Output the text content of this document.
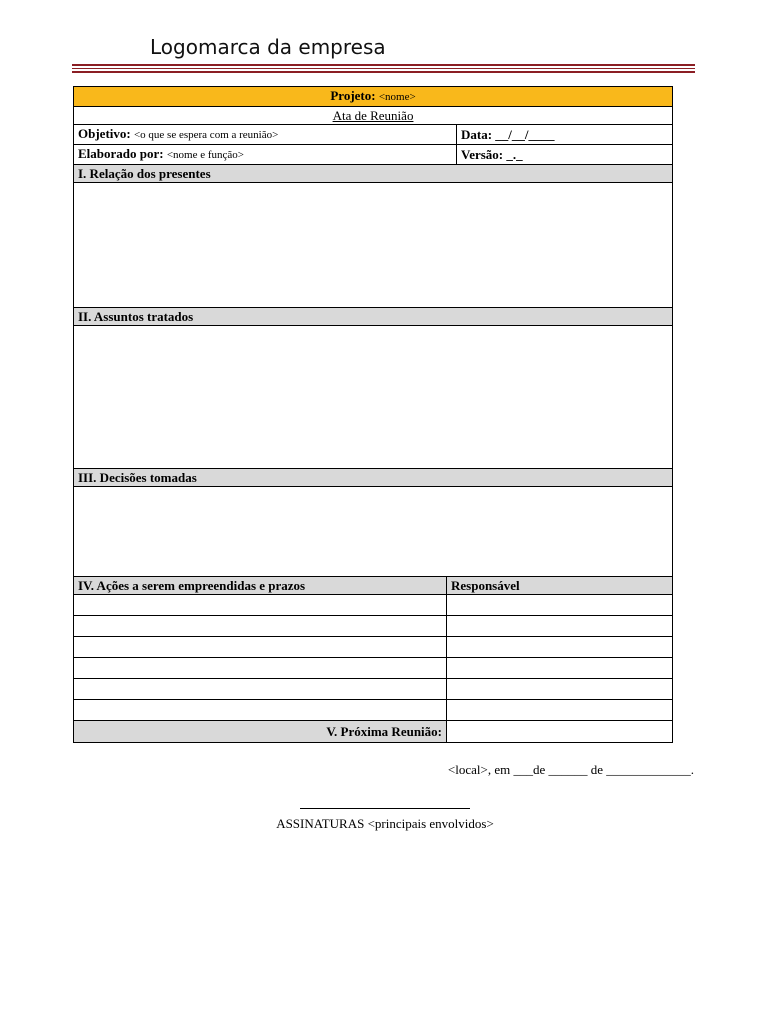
Logomarca da empresa
Projeto: <nome>		
Ata de Reunião		
Objetivo: <o que se espera com a reunião>		Data: __/__/____
Elaborado por: <nome e função>		Versão: _._
I. Relação dos presentes		

II. Assuntos tratados		

III. Decisões tomadas		

IV. Ações a serem empreendidas e prazos	Responsável	

V. Próxima Reunião:		
<local>, em ___de ______ de _____________.
ASSINATURAS <principais envolvidos>
